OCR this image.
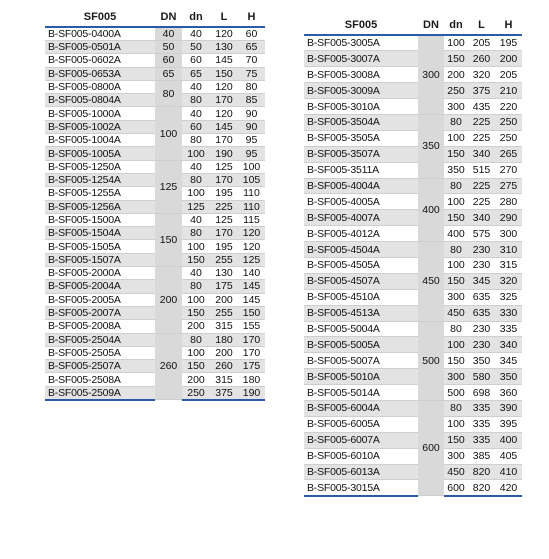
SF005	DN	dn	L	H
B-SF005-0400A	40	40	120	60
B-SF005-0501A	50	50	130	65
B-SF005-0602A	60	60	145	70
B-SF005-0653A	65	65	150	75
B-SF005-0800A	80	40	120	80
B-SF005-0804A		80	170	85
B-SF005-1000A	100	40	120	90
B-SF005-1002A		60	145	90
B-SF005-1004A		80	170	95
B-SF005-1005A		100	190	95
B-SF005-1250A	125	40	125	100
B-SF005-1254A		80	170	105
B-SF005-1255A		100	195	110
B-SF005-1256A		125	225	110
B-SF005-1500A	150	40	125	115
B-SF005-1504A		80	170	120
B-SF005-1505A		100	195	120
B-SF005-1507A		150	255	125
B-SF005-2000A	200	40	130	140
B-SF005-2004A		80	175	145
B-SF005-2005A		100	200	145
B-SF005-2007A		150	255	150
B-SF005-2008A		200	315	155
B-SF005-2504A	260	80	180	170
B-SF005-2505A		100	200	170
B-SF005-2507A		150	260	175
B-SF005-2508A		200	315	180
B-SF005-2509A		250	375	190
SF005	DN	dn	L	H
B-SF005-3005A	300	100	205	195
B-SF005-3007A		150	260	200
B-SF005-3008A		200	320	205
B-SF005-3009A		250	375	210
B-SF005-3010A		300	435	220
B-SF005-3504A	350	80	225	250
B-SF005-3505A		100	225	250
B-SF005-3507A		150	340	265
B-SF005-3511A		350	515	270
B-SF005-4004A	400	80	225	275
B-SF005-4005A		100	225	280
B-SF005-4007A		150	340	290
B-SF005-4012A		400	575	300
B-SF005-4504A	450	80	230	310
B-SF005-4505A		100	230	315
B-SF005-4507A		150	345	320
B-SF005-4510A		300	635	325
B-SF005-4513A		450	635	330
B-SF005-5004A	500	80	230	335
B-SF005-5005A		100	230	340
B-SF005-5007A		150	350	345
B-SF005-5010A		300	580	350
B-SF005-5014A		500	698	360
B-SF005-6004A	600	80	335	390
B-SF005-6005A		100	335	395
B-SF005-6007A		150	335	400
B-SF005-6010A		300	385	405
B-SF005-6013A		450	820	410
B-SF005-3015A		600	820	420
